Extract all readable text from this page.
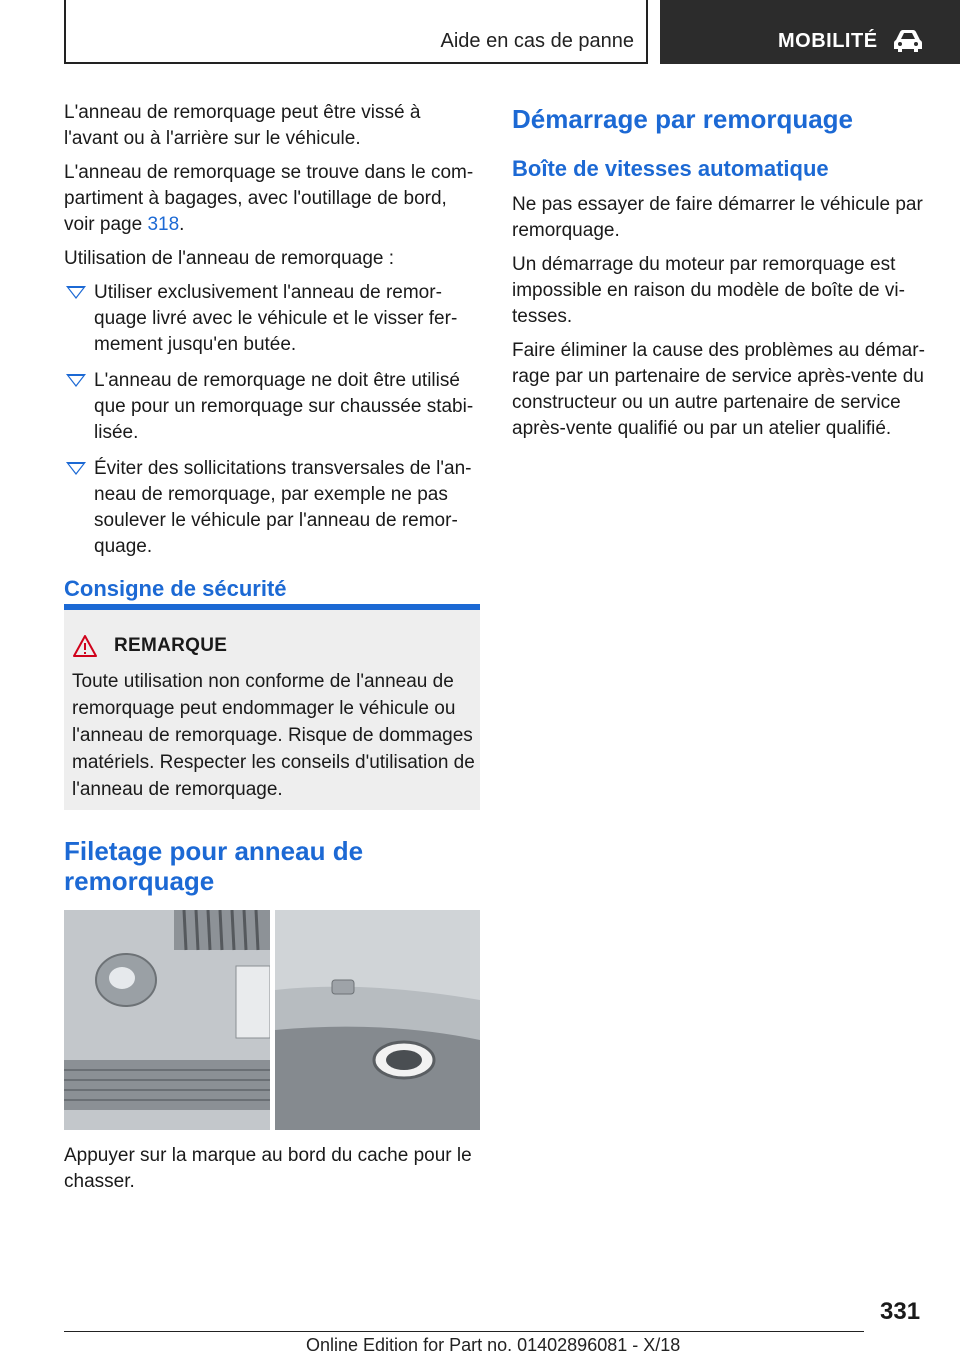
Aide en cas de panne	MOBILITÉ

L'anneau de remorquage peut être vissé à l'avant ou à l'arrière sur le véhicule.

L'anneau de remorquage se trouve dans le compartiment à bagages, avec l'outillage de bord, voir page 318.

Utilisation de l'anneau de remorquage :

Utiliser exclusivement l'anneau de remorquage livré avec le véhicule et le visser fermement jusqu'en butée.
L'anneau de remorquage ne doit être utilisé que pour un remorquage sur chaussée stabilisée.
Éviter des sollicitations transversales de l'anneau de remorquage, par exemple ne pas soulever le véhicule par l'anneau de remorquage.
Consigne de sécurité
REMARQUE
Toute utilisation non conforme de l'anneau de remorquage peut endommager le véhicule ou l'anneau de remorquage. Risque de dommages matériels. Respecter les conseils d'utilisation de l'anneau de remorquage.
Filetage pour anneau de remorquage

Appuyer sur la marque au bord du cache pour le chasser.

Démarrage par remorquage
Boîte de vitesses automatique

Ne pas essayer de faire démarrer le véhicule par remorquage.

Un démarrage du moteur par remorquage est impossible en raison du modèle de boîte de vitesses.

Faire éliminer la cause des problèmes au démarrage par un partenaire de service après-vente du constructeur ou un autre partenaire de service après-vente qualifié ou par un atelier qualifié.

331
Online Edition for Part no. 01402896081 - X/18
